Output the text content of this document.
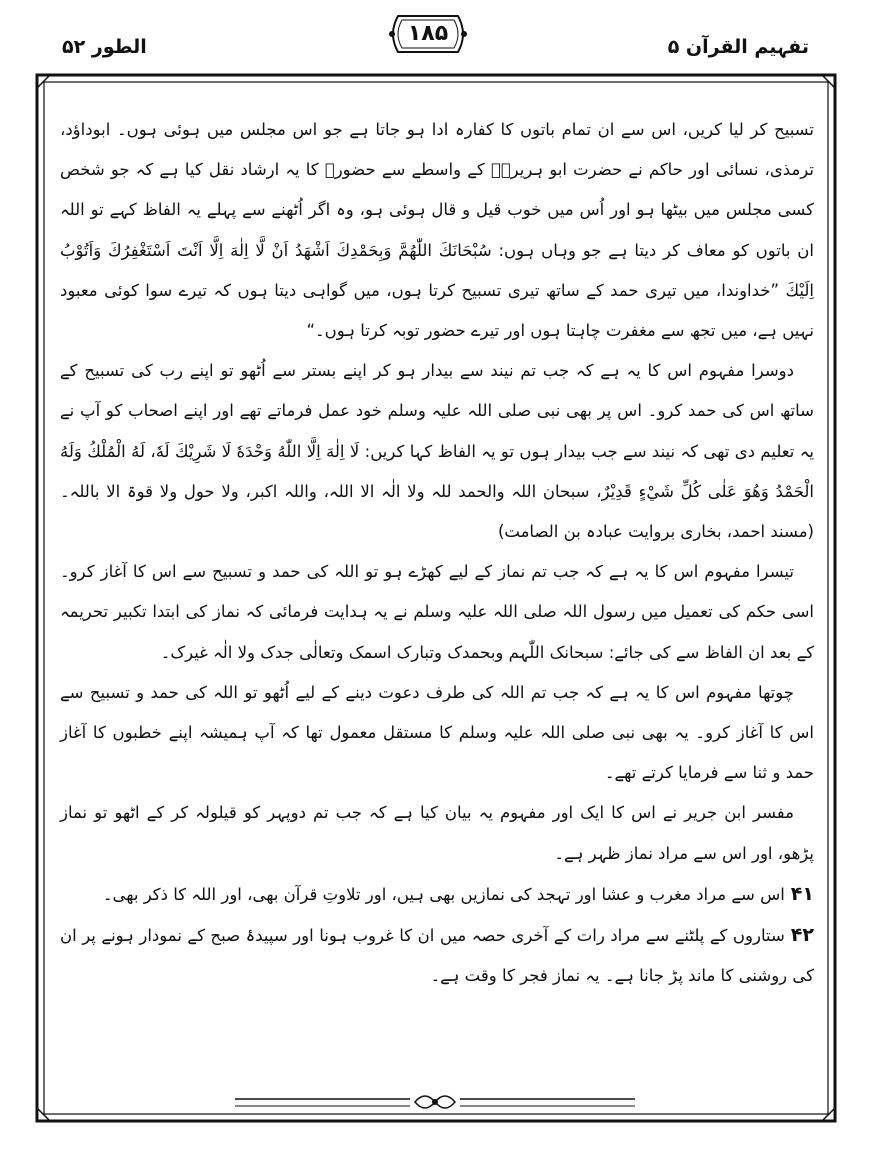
الطور ۵۲
۱۸۵
تفہیم القرآن ۵

تسبیح کر لیا کریں، اس سے ان تمام باتوں کا کفارہ ادا ہو جاتا ہے جو اس مجلس میں ہوئی ہوں۔ ابوداؤد، ترمذی، نسائی اور حاکم نے حضرت ابو ہریرہؓ کے واسطے سے حضورؐ کا یہ ارشاد نقل کیا ہے کہ جو شخص کسی مجلس میں بیٹھا ہو اور اُس میں خوب قیل و قال ہوئی ہو، وہ اگر اُٹھنے سے پہلے یہ الفاظ کہے تو اللہ ان باتوں کو معاف کر دیتا ہے جو وہاں ہوں: سُبْحَانَكَ اللّٰهُمَّ وَبِحَمْدِكَ اَشْهَدُ اَنْ لَّا اِلٰهَ اِلَّا اَنْتَ اَسْتَغْفِرُكَ وَاَتُوْبُ اِلَيْكَ ”خداوندا، میں تیری حمد کے ساتھ تیری تسبیح کرتا ہوں، میں گواہی دیتا ہوں کہ تیرے سوا کوئی معبود نہیں ہے، میں تجھ سے مغفرت چاہتا ہوں اور تیرے حضور توبہ کرتا ہوں۔“

دوسرا مفہوم اس کا یہ ہے کہ جب تم نیند سے بیدار ہو کر اپنے بستر سے اُٹھو تو اپنے رب کی تسبیح کے ساتھ اس کی حمد کرو۔ اس پر بھی نبی صلی اللہ علیہ وسلم خود عمل فرماتے تھے اور اپنے اصحاب کو آپ نے یہ تعلیم دی تھی کہ نیند سے جب بیدار ہوں تو یہ الفاظ کہا کریں: لَا اِلٰهَ اِلَّا اللّٰهُ وَحْدَهٗ لَا شَرِيْكَ لَهٗ، لَهُ الْمُلْكُ وَلَهُ الْحَمْدُ وَهُوَ عَلٰى كُلِّ شَيْءٍ قَدِيْرٌ، سبحان اللہ والحمد للہ ولا الٰہ الا اللہ، واللہ اکبر، ولا حول ولا قوۃ الا باللہ۔ (مسند احمد، بخاری بروایت عبادہ بن الصامت)

تیسرا مفہوم اس کا یہ ہے کہ جب تم نماز کے لیے کھڑے ہو تو اللہ کی حمد و تسبیح سے اس کا آغاز کرو۔ اسی حکم کی تعمیل میں رسول اللہ صلی اللہ علیہ وسلم نے یہ ہدایت فرمائی کہ نماز کی ابتدا تکبیر تحریمہ کے بعد ان الفاظ سے کی جائے: سبحانک اللّٰہم وبحمدک وتبارک اسمک وتعالٰی جدک ولا الٰہ غیرک۔

چوتھا مفہوم اس کا یہ ہے کہ جب تم اللہ کی طرف دعوت دینے کے لیے اُٹھو تو اللہ کی حمد و تسبیح سے اس کا آغاز کرو۔ یہ بھی نبی صلی اللہ علیہ وسلم کا مستقل معمول تھا کہ آپ ہمیشہ اپنے خطبوں کا آغاز حمد و ثنا سے فرمایا کرتے تھے۔

مفسر ابن جریر نے اس کا ایک اور مفہوم یہ بیان کیا ہے کہ جب تم دوپہر کو قیلولہ کر کے اٹھو تو نماز پڑھو، اور اس سے مراد نماز ظہر ہے۔

۴۱اس سے مراد مغرب و عشا اور تہجد کی نمازیں بھی ہیں، اور تلاوتِ قرآن بھی، اور اللہ کا ذکر بھی۔

۴۲ستاروں کے پلٹنے سے مراد رات کے آخری حصہ میں ان کا غروب ہونا اور سپیدۂ صبح کے نمودار ہونے پر ان کی روشنی کا ماند پڑ جانا ہے۔ یہ نماز فجر کا وقت ہے۔
